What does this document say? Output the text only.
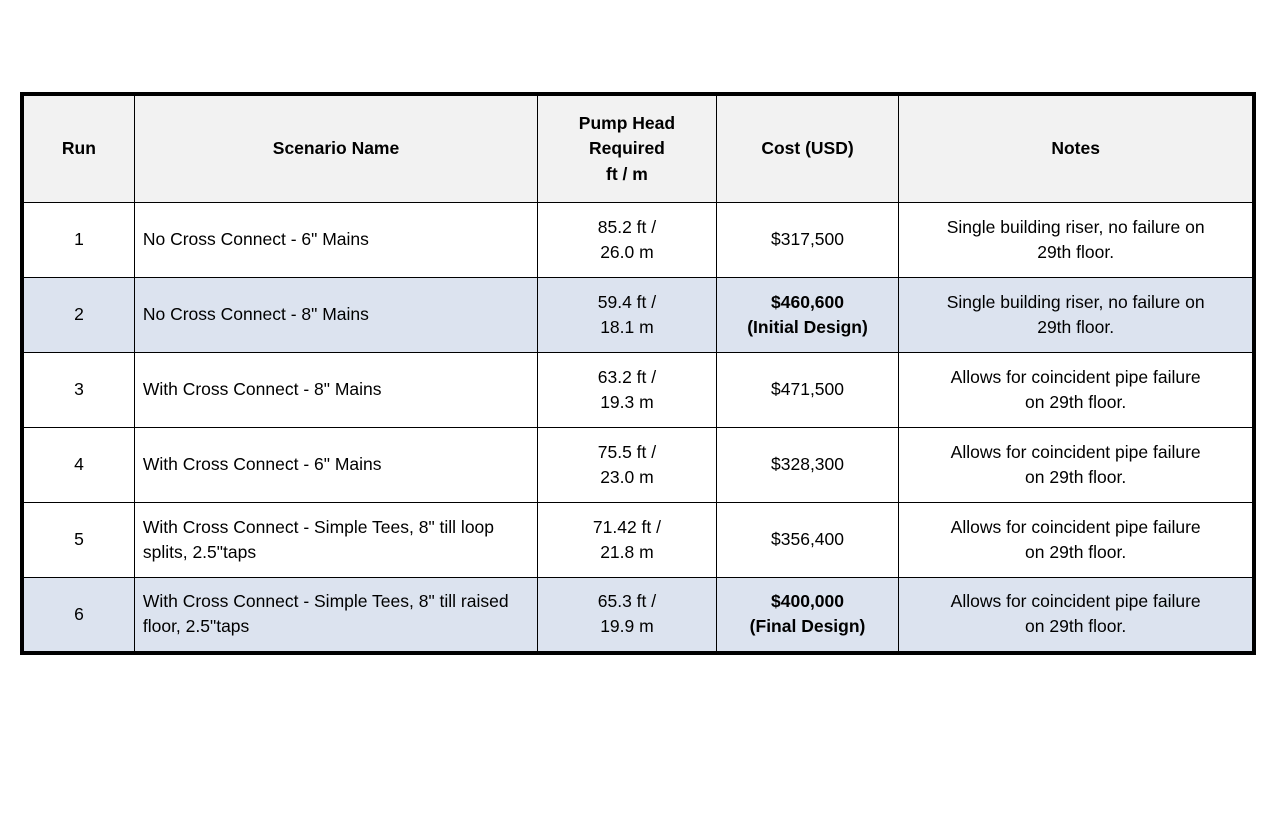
Run	Scenario Name	Pump Head
Required
ft / m	Cost (USD)	Notes
1	No Cross Connect - 6" Mains	85.2 ft /
26.0 m	$317,500	Single building riser, no failure on
29th floor.

2	No Cross Connect - 8" Mains	59.4 ft /
18.1 m	$460,600
(Initial Design)	Single building riser, no failure on
29th floor.

3	With Cross Connect - 8" Mains	63.2 ft /
19.3 m	$471,500	Allows for coincident pipe failure
on 29th floor.

4	With Cross Connect - 6" Mains	75.5 ft /
23.0 m	$328,300	Allows for coincident pipe failure
on 29th floor.

5	With Cross Connect - Simple Tees, 8" till loop splits, 2.5"taps	71.42 ft /
21.8 m	$356,400	Allows for coincident pipe failure
on 29th floor.

6	With Cross Connect - Simple Tees, 8" till raised floor, 2.5"taps	65.3 ft /
19.9 m	$400,000
(Final Design)	Allows for coincident pipe failure
on 29th floor.
